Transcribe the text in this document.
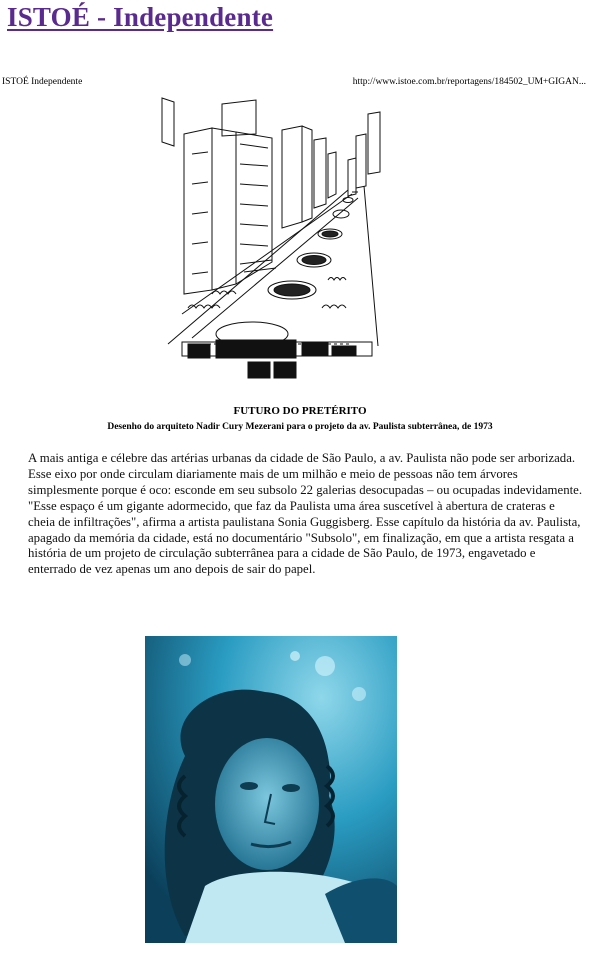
ISTOÉ - Independente
ISTOÉ Independente	http://www.istoe.com.br/reportagens/184502_UM+GIGAN...
FUTURO DO PRETÉRITO
Desenho do arquiteto Nadir Cury Mezerani para o projeto da av. Paulista subterrânea, de 1973
A mais antiga e célebre das artérias urbanas da cidade de São Paulo, a av. Paulista não pode ser arborizada. Esse eixo por onde circulam diariamente mais de um milhão e meio de pessoas não tem árvores simplesmente porque é oco: esconde em seu subsolo 22 galerias desocupadas – ou ocupadas indevidamente. "Esse espaço é um gigante adormecido, que faz da Paulista uma área suscetível à abertura de crateras e cheia de infiltrações", afirma a artista paulistana Sonia Guggisberg. Esse capítulo da história da av. Paulista, apagado da memória da cidade, está no documentário "Subsolo", em finalização, em que a artista resgata a história de um projeto de circulação subterrânea para a cidade de São Paulo, de 1973, engavetado e enterrado de vez apenas um ano depois de sair do papel.
